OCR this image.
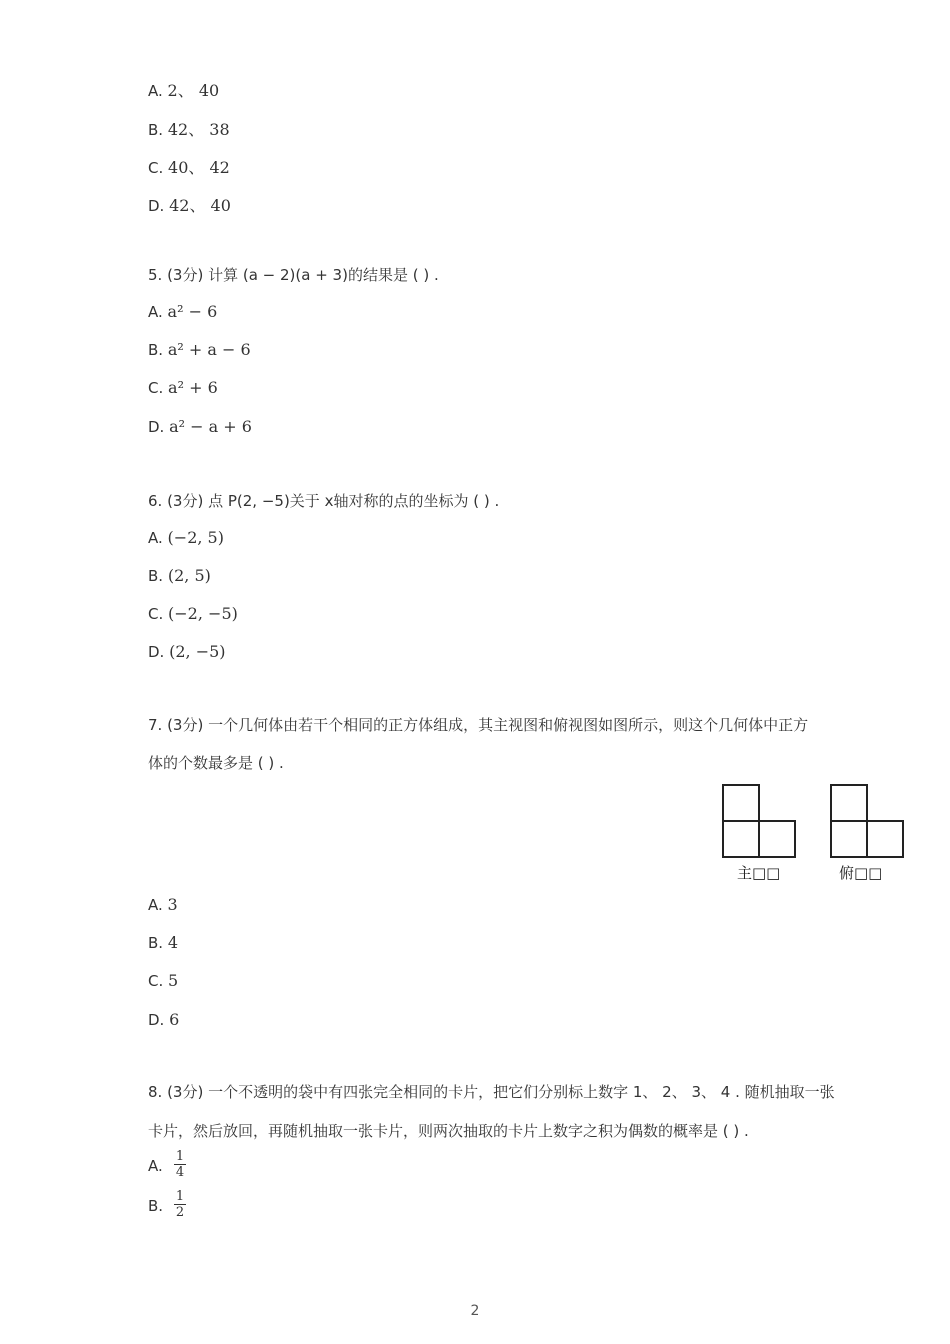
A. 2、 40
B. 42、 38
C. 40、 42
D. 42、 40
5. (3分) 计算 (a − 2)(a + 3)的结果是 ( ) .
A. a² − 6
B. a² + a − 6
C. a² + 6
D. a² − a + 6
6. (3分) 点 P(2, −5)关于 x轴对称的点的坐标为 ( ) .
A. (−2, 5)
B. (2, 5)
C. (−2, −5)
D. (2, −5)
7. (3分) 一个几何体由若干个相同的正方体组成，其主视图和俯视图如图所示，则这个几何体中正方
体的个数最多是 ( ) .
主□□	俯□□
A. 3
B. 4
C. 5
D. 6
8. (3分) 一个不透明的袋中有四张完全相同的卡片，把它们分别标上数字 1、 2、 3、 4 . 随机抽取一张
卡片，然后放回，再随机抽取一张卡片，则两次抽取的卡片上数字之积为偶数的概率是 ( ) .
A. $\frac{1}{4}$
B. $\frac{1}{2}$
2
